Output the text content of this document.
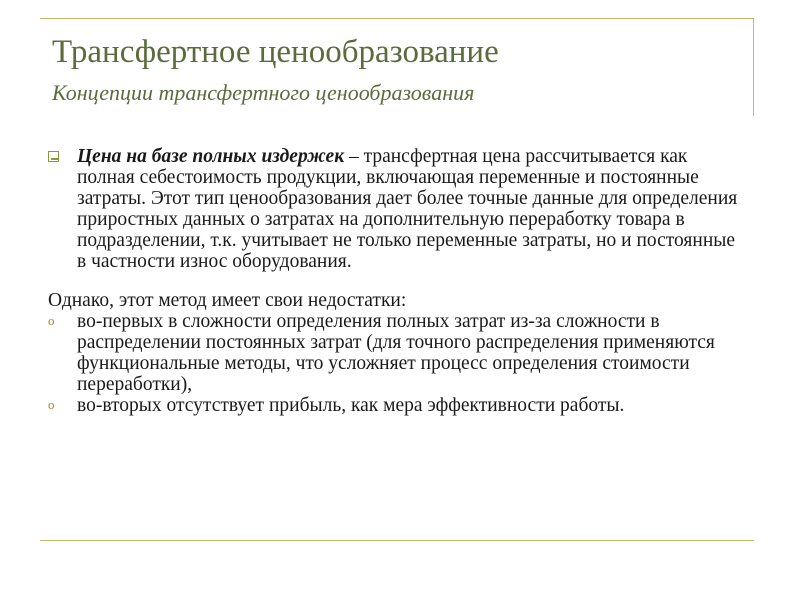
Трансфертное ценообразование
Концепции трансфертного ценообразования
Цена на базе полных издержек – трансфертная цена рассчитывается как полная себестоимость продукции, включающая переменные и постоянные затраты. Этот тип ценообразования дает более точные данные для определения приростных данных о затратах на дополнительную переработку товара в подразделении, т.к. учитывает не только переменные затраты, но и постоянные в частности износ оборудования.
Однако, этот метод имеет свои недостатки:
o во-первых в сложности определения полных затрат из-за сложности в распределении постоянных затрат (для точного распределения применяются функциональные методы, что усложняет процесс определения стоимости переработки),
o во-вторых отсутствует прибыль, как мера эффективности работы.
